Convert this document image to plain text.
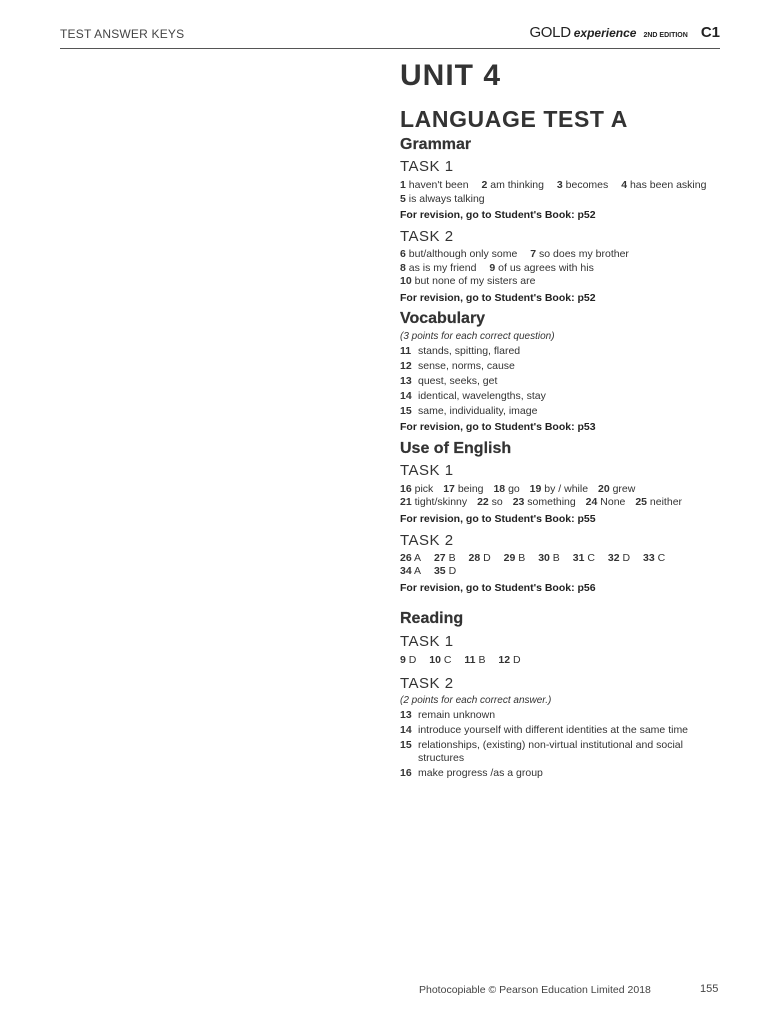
TEST ANSWER KEYS	GOLD experience 2ND EDITION C1
UNIT 4
LANGUAGE TEST A
Grammar
TASK 1

1 haven't been 2 am thinking 3 becomes 4 has been asking
5 is always talking

For revision, go to Student's Book: p52

TASK 2

6 but/although only some 7 so does my brother
8 as is my friend 9 of us agrees with his
10 but none of my sisters are

For revision, go to Student's Book: p52

Vocabulary

(3 points for each correct question)

11 stands, spitting, flared
12 sense, norms, cause
13 quest, seeks, get
14 identical, wavelengths, stay
15 same, individuality, image

For revision, go to Student's Book: p53

Use of English
TASK 1

16 pick 17 being 18 go 19 by / while 20 grew
21 tight/skinny 22 so 23 something 24 None 25 neither

For revision, go to Student's Book: p55

TASK 2

26 A 27 B 28 D 29 B 30 B 31 C 32 D 33 C
34 A 35 D

For revision, go to Student's Book: p56

Reading
TASK 1

9 D 10 C 11 B 12 D

TASK 2

(2 points for each correct answer.)

13 remain unknown
14 introduce yourself with different identities at the same time
15 relationships, (existing) non-virtual institutional and social structures
16 make progress /as a group
Photocopiable © Pearson Education Limited 2018	155
